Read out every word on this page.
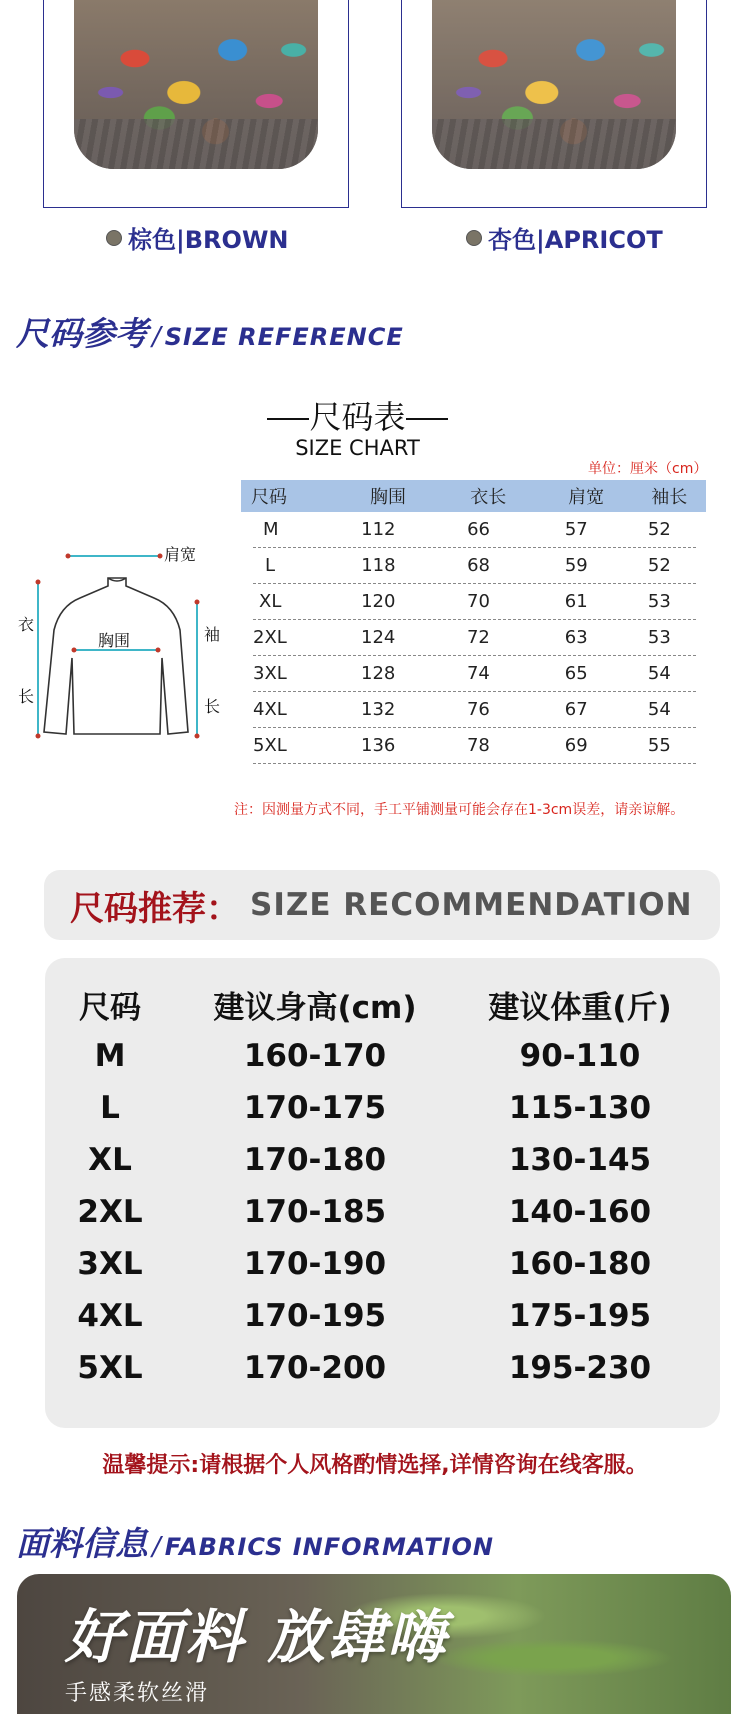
棕色|BROWN	杏色|APRICOT
尺码参考 / SIZE REFERENCE
尺码表
SIZE CHART
单位：厘米（cm）
尺码	胸围	衣长	肩宽	袖长
M	112	66	57	52
L	118	68	59	52
XL	120	70	61	53
2XL	124	72	63	53
3XL	128	74	65	54
4XL	132	76	67	54
5XL	136	78	69	55
肩宽
胸围
衣
长
袖
长
注：因测量方式不同，手工平铺测量可能会存在1-3cm误差，请亲谅解。
尺码推荐： SIZE RECOMMENDATION
尺码	建议身高(cm)	建议体重(斤)
M	160-170	90-110
L	170-175	115-130
XL	170-180	130-145
2XL	170-185	140-160
3XL	170-190	160-180
4XL	170-195	175-195
5XL	170-200	195-230
温馨提示:请根据个人风格酌情选择,详情咨询在线客服。
面料信息 / FABRICS INFORMATION
好面料 放肆嗨
手感柔软丝滑
